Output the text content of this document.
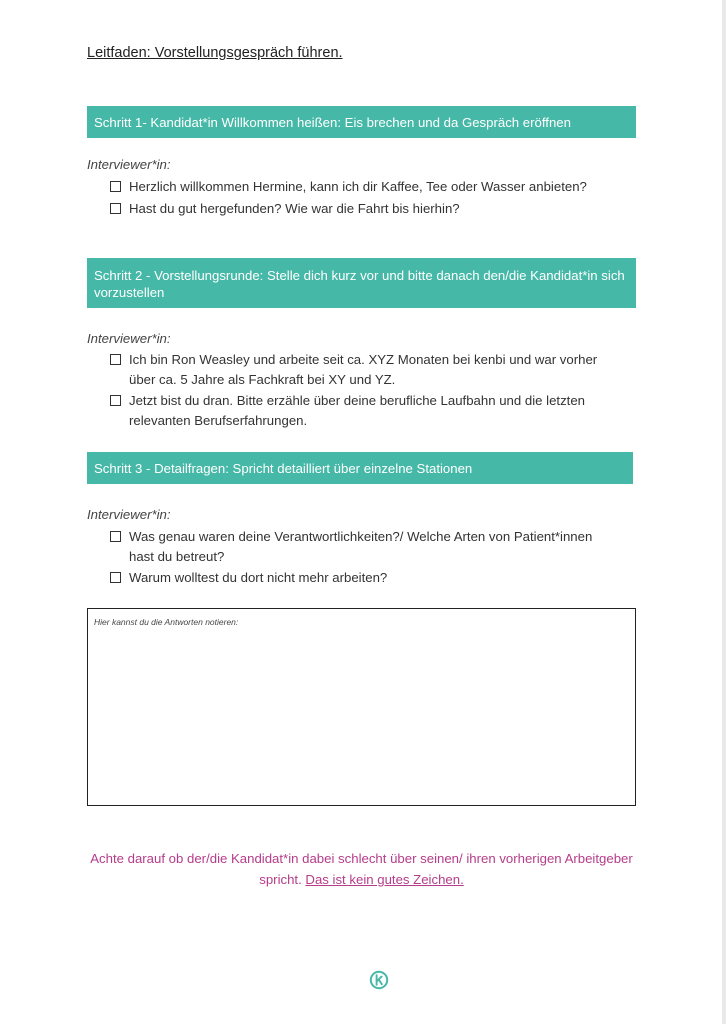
Leitfaden: Vorstellungsgespräch führen.
Schritt 1- Kandidat*in Willkommen heißen: Eis brechen und da Gespräch eröffnen
Interviewer*in:
Herzlich willkommen Hermine, kann ich dir Kaffee, Tee oder Wasser anbieten?
Hast du gut hergefunden? Wie war die Fahrt bis hierhin?
Schritt 2 - Vorstellungsrunde: Stelle dich kurz vor und bitte danach den/die Kandidat*in sich vorzustellen
Interviewer*in:
Ich bin Ron Weasley und arbeite seit ca. XYZ Monaten bei kenbi und war vorher über ca. 5 Jahre als Fachkraft bei XY und YZ.
Jetzt bist du dran. Bitte erzähle über deine berufliche Laufbahn und die letzten relevanten Berufserfahrungen.
Schritt 3 - Detailfragen: Spricht detailliert über einzelne Stationen
Interviewer*in:
Was genau waren deine Verantwortlichkeiten?/ Welche Arten von Patient*innen hast du betreut?
Warum wolltest du dort nicht mehr arbeiten?
Hier kannst du die Antworten notieren:
Achte darauf ob der/die Kandidat*in dabei schlecht über seinen/ ihren vorherigen Arbeitgeber spricht. Das ist kein gutes Zeichen.
